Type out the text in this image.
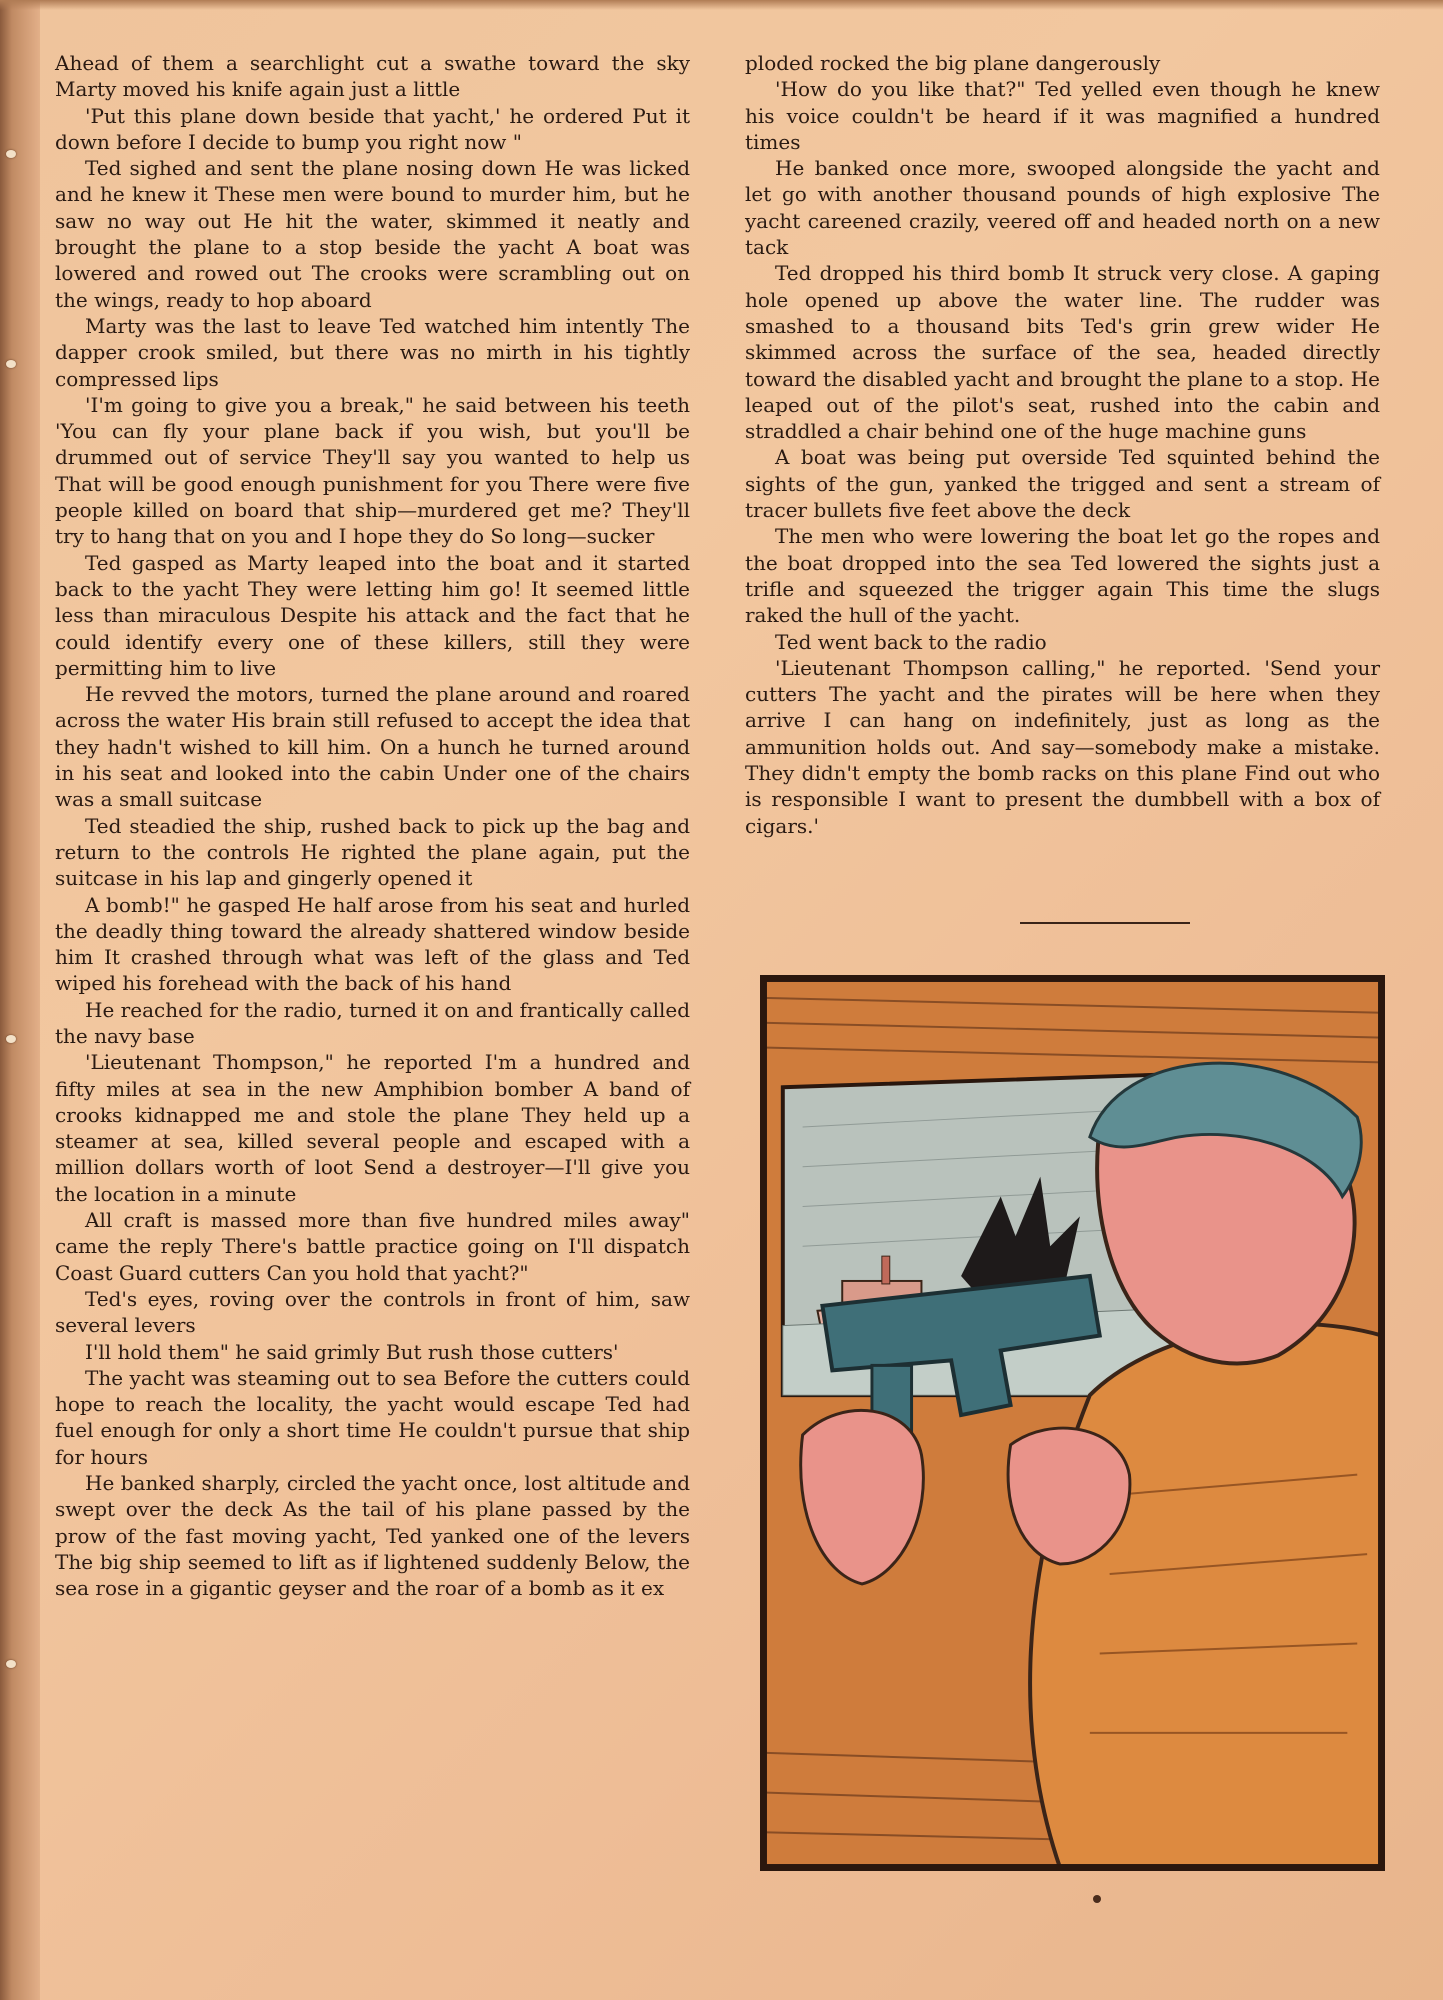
Ahead of them a searchlight cut a swathe toward the sky Marty moved his knife again just a little

'Put this plane down beside that yacht,' he ordered Put it down before I decide to bump you right now "

Ted sighed and sent the plane nosing down He was licked and he knew it These men were bound to murder him, but he saw no way out He hit the water, skimmed it neatly and brought the plane to a stop beside the yacht A boat was lowered and rowed out The crooks were scrambling out on the wings, ready to hop aboard

Marty was the last to leave Ted watched him intently The dapper crook smiled, but there was no mirth in his tightly compressed lips

'I'm going to give you a break," he said between his teeth 'You can fly your plane back if you wish, but you'll be drummed out of service They'll say you wanted to help us That will be good enough punishment for you There were five people killed on board that ship—murdered get me? They'll try to hang that on you and I hope they do So long—sucker

Ted gasped as Marty leaped into the boat and it started back to the yacht They were letting him go! It seemed little less than miraculous Despite his attack and the fact that he could identify every one of these killers, still they were permitting him to live

He revved the motors, turned the plane around and roared across the water His brain still refused to accept the idea that they hadn't wished to kill him. On a hunch he turned around in his seat and looked into the cabin Under one of the chairs was a small suitcase

Ted steadied the ship, rushed back to pick up the bag and return to the controls He righted the plane again, put the suitcase in his lap and gingerly opened it

A bomb!" he gasped He half arose from his seat and hurled the deadly thing toward the already shattered window beside him It crashed through what was left of the glass and Ted wiped his forehead with the back of his hand

He reached for the radio, turned it on and frantically called the navy base

'Lieutenant Thompson," he reported I'm a hundred and fifty miles at sea in the new Amphibion bomber A band of crooks kidnapped me and stole the plane They held up a steamer at sea, killed several people and escaped with a million dollars worth of loot Send a destroyer—I'll give you the location in a minute

All craft is massed more than five hundred miles away" came the reply There's battle practice going on I'll dispatch Coast Guard cutters Can you hold that yacht?"

Ted's eyes, roving over the controls in front of him, saw several levers

I'll hold them" he said grimly But rush those cutters'

The yacht was steaming out to sea Before the cutters could hope to reach the locality, the yacht would escape Ted had fuel enough for only a short time He couldn't pursue that ship for hours

He banked sharply, circled the yacht once, lost altitude and swept over the deck As the tail of his plane passed by the prow of the fast moving yacht, Ted yanked one of the levers The big ship seemed to lift as if lightened suddenly Below, the sea rose in a gigantic geyser and the roar of a bomb as it ex

ploded rocked the big plane dangerously

'How do you like that?" Ted yelled even though he knew his voice couldn't be heard if it was magnified a hundred times

He banked once more, swooped alongside the yacht and let go with another thousand pounds of high explosive The yacht careened crazily, veered off and headed north on a new tack

Ted dropped his third bomb It struck very close. A gaping hole opened up above the water line. The rudder was smashed to a thousand bits Ted's grin grew wider He skimmed across the surface of the sea, headed directly toward the disabled yacht and brought the plane to a stop. He leaped out of the pilot's seat, rushed into the cabin and straddled a chair behind one of the huge machine guns

A boat was being put overside Ted squinted behind the sights of the gun, yanked the trigged and sent a stream of tracer bullets five feet above the deck

The men who were lowering the boat let go the ropes and the boat dropped into the sea Ted lowered the sights just a trifle and squeezed the trigger again This time the slugs raked the hull of the yacht.

Ted went back to the radio

'Lieutenant Thompson calling," he reported. 'Send your cutters The yacht and the pirates will be here when they arrive I can hang on indefinitely, just as long as the ammunition holds out. And say—somebody make a mistake. They didn't empty the bomb racks on this plane Find out who is responsible I want to present the dumbbell with a box of cigars.'
